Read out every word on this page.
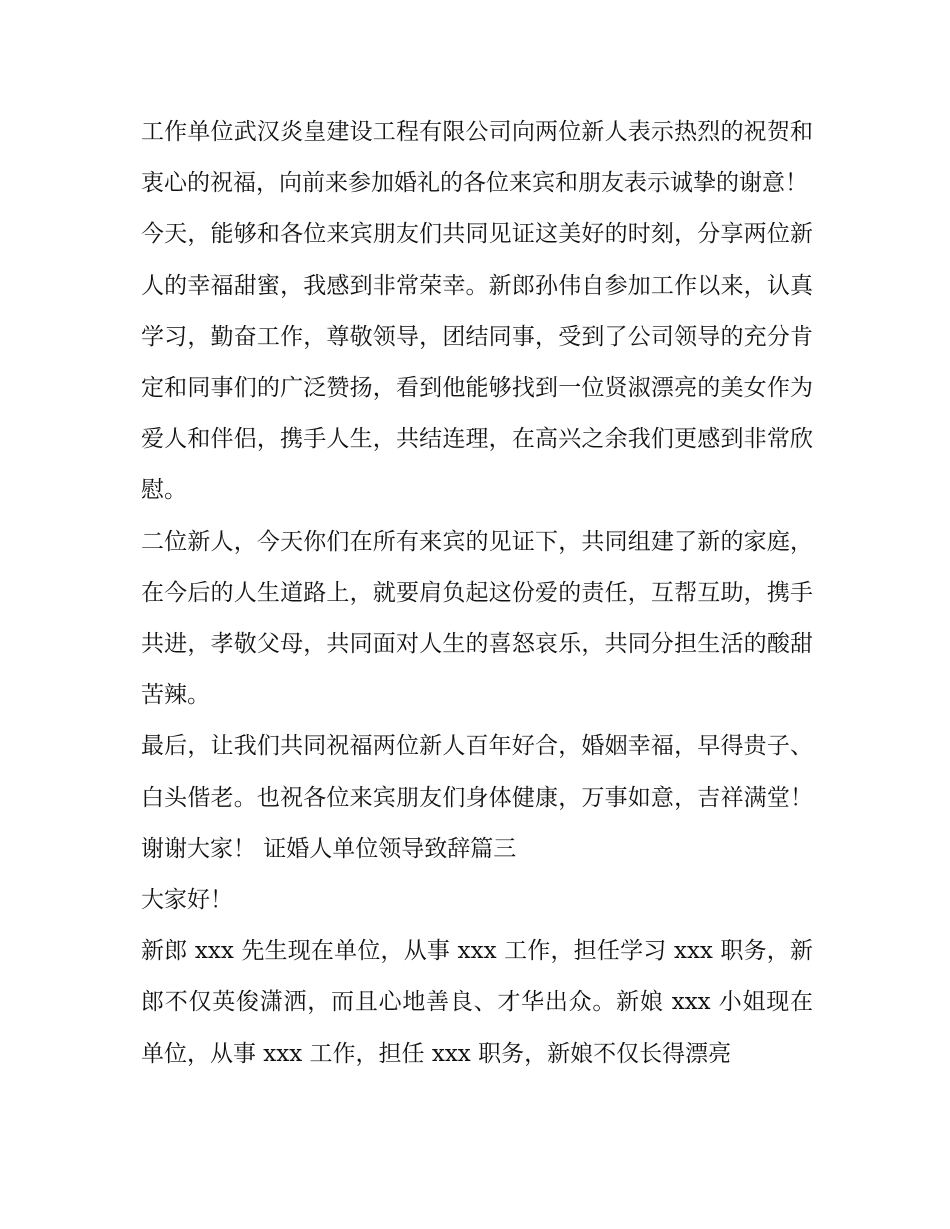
工作单位武汉炎皇建设工程有限公司向两位新人表示热烈的祝贺和衷心的祝福，向前来参加婚礼的各位来宾和朋友表示诚挚的谢意！

今天，能够和各位来宾朋友们共同见证这美好的时刻，分享两位新人的幸福甜蜜，我感到非常荣幸。新郎孙伟自参加工作以来，认真学习，勤奋工作，尊敬领导，团结同事，受到了公司领导的充分肯定和同事们的广泛赞扬，看到他能够找到一位贤淑漂亮的美女作为爱人和伴侣，携手人生，共结连理，在高兴之余我们更感到非常欣慰。

二位新人，今天你们在所有来宾的见证下，共同组建了新的家庭，在今后的人生道路上，就要肩负起这份爱的责任，互帮互助，携手共进，孝敬父母，共同面对人生的喜怒哀乐，共同分担生活的酸甜苦辣。

最后，让我们共同祝福两位新人百年好合，婚姻幸福，早得贵子、白头偕老。也祝各位来宾朋友们身体健康，万事如意，吉祥满堂！谢谢大家！ 证婚人单位领导致辞篇三

大家好！

新郎 xxx 先生现在单位，从事 xxx 工作，担任学习 xxx 职务，新郎不仅英俊潇洒，而且心地善良、才华出众。新娘 xxx 小姐现在单位，从事 xxx 工作，担任 xxx 职务，新娘不仅长得漂亮
